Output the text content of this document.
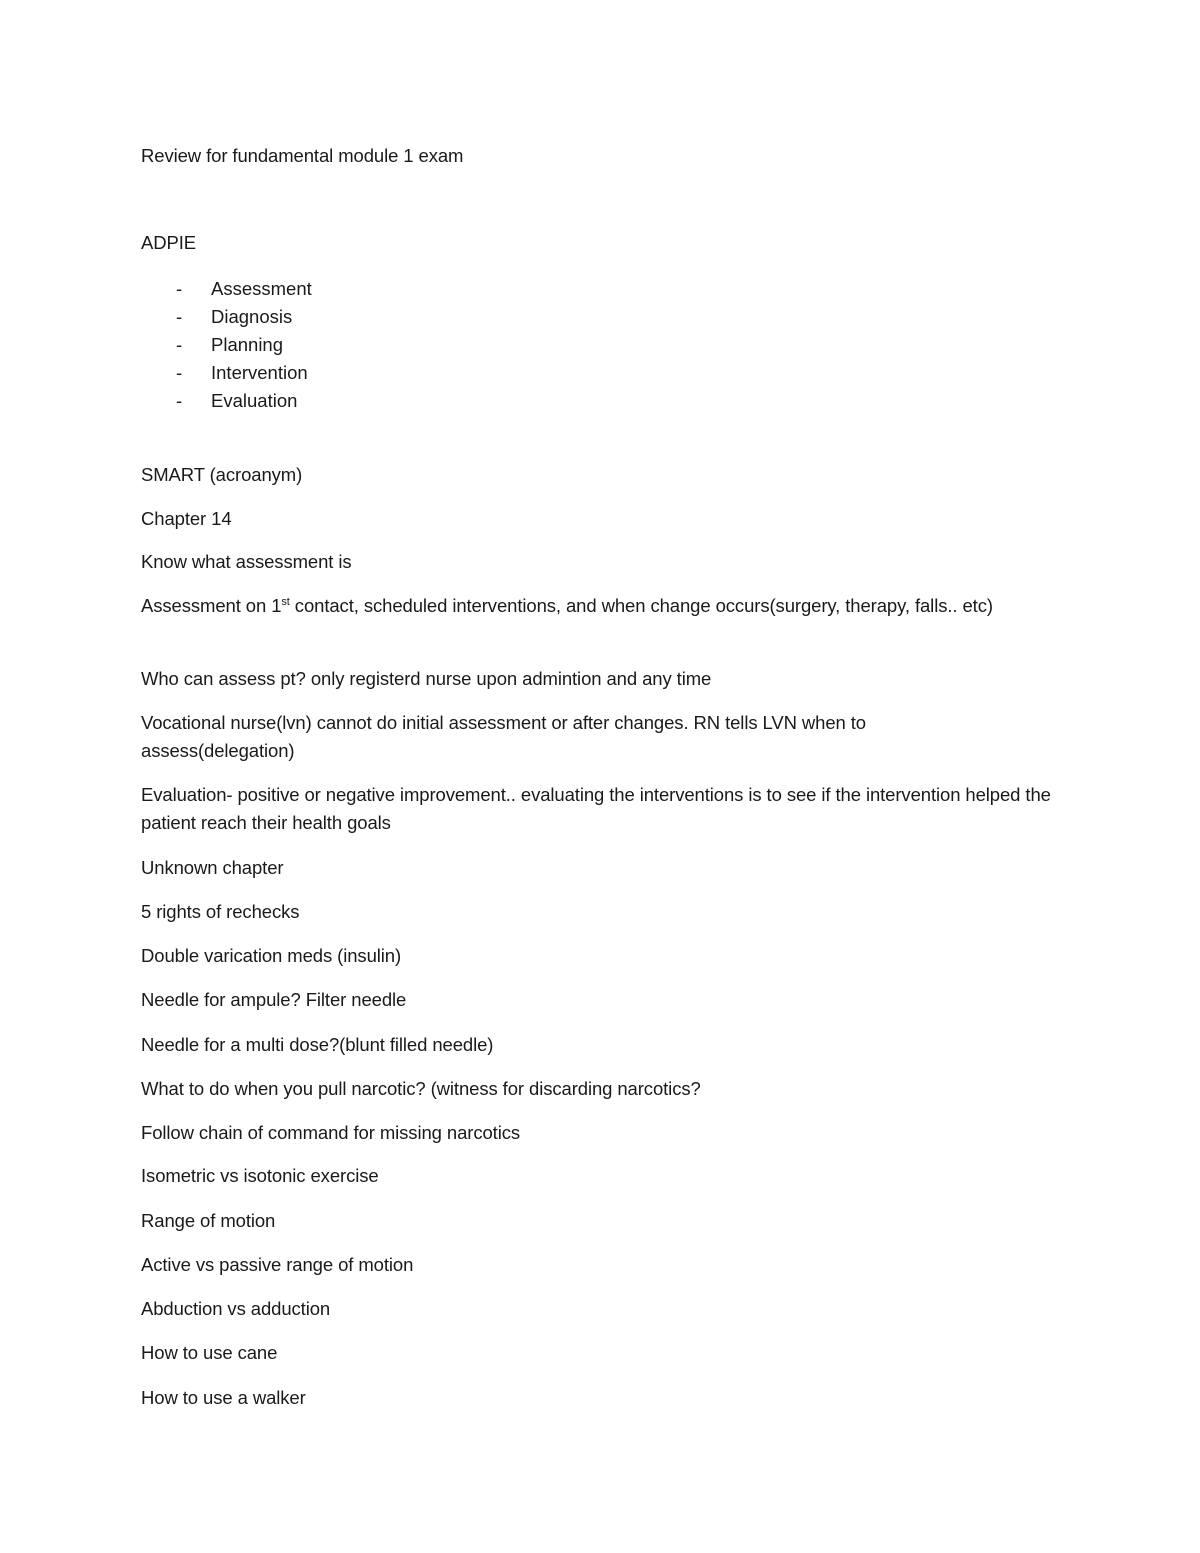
Review for fundamental module 1 exam
ADPIE
- Assessment
- Diagnosis
- Planning
- Intervention
- Evaluation
SMART (acroanym)
Chapter 14
Know what assessment is
Assessment on 1st contact, scheduled interventions, and when change occurs(surgery, therapy, falls.. etc)
Who can assess pt? only registerd nurse upon admintion and any time
Vocational nurse(lvn) cannot do initial assessment or after changes. RN tells LVN when to assess(delegation)
Evaluation- positive or negative improvement.. evaluating the interventions is to see if the intervention helped the patient reach their health goals
Unknown chapter
5 rights of rechecks
Double varication meds (insulin)
Needle for ampule? Filter needle
Needle for a multi dose?(blunt filled needle)
What to do when you pull narcotic? (witness for discarding narcotics?
Follow chain of command for missing narcotics
Isometric vs isotonic exercise
Range of motion
Active vs passive range of motion
Abduction vs adduction
How to use cane
How to use a walker
